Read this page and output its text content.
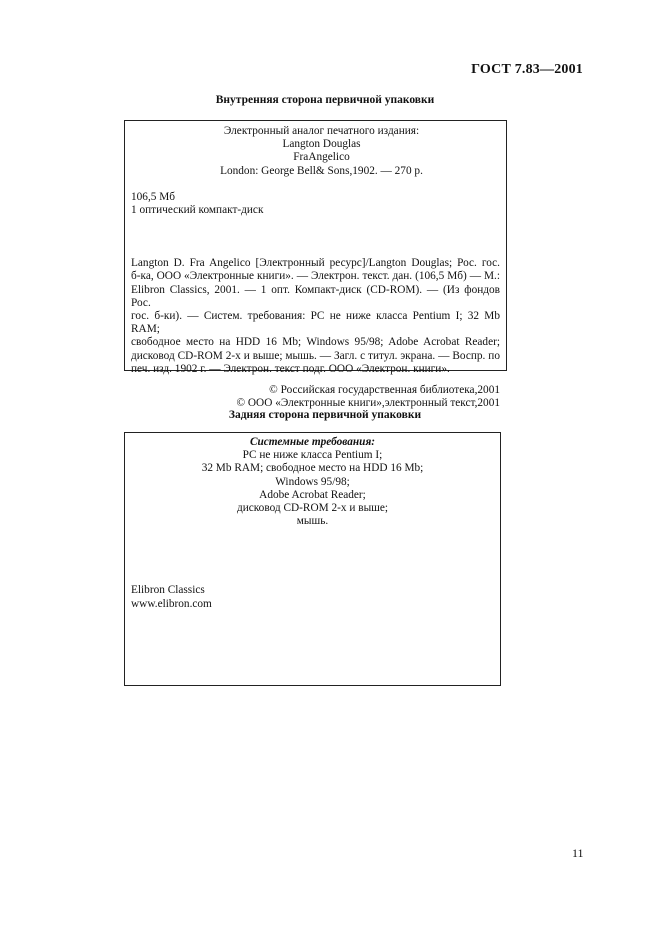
ГОСТ 7.83—2001
Внутренняя сторона первичной упаковки
Электронный аналог печатного издания:
Langton Douglas
FraAngelico
London: George Bell& Sons,1902. — 270 р.
106,5 Мб
1 оптический компакт-диск
Langton D. Fra Angelico [Электронный ресурс]/Langton Douglas; Рос. гос.
б-ка, ООО «Электронные книги». — Электрон. текст. дан. (106,5 Мб) — М.:
Elibron Classics, 2001. — 1 опт. Компакт-диск (CD-ROM). — (Из фондов Рос.
гос. б-ки). — Систем. требования: PC не ниже класса Pentium I; 32 Mb RAM;
свободное место на HDD 16 Mb; Windows 95/98; Adobe Acrobat Reader;
дисковод CD-ROM 2-х и выше; мышь. — Загл. с титул. экрана. — Воспр. по
печ. изд. 1902 г. — Электрон. текст подг. ООО «Электрон. книги».
© Российская государственная библиотека,2001
© ООО «Электронные книги»,электронный текст,2001
Задняя сторона первичной упаковки
Системные требования:
PC не ниже класса Pentium I;
32 Mb RAM; свободное место на HDD 16 Mb;
Windows 95/98;
Adobe Acrobat Reader;
дисковод CD-ROM 2-х и выше;
мышь.
Elibron Classics
www.elibron.com
11
